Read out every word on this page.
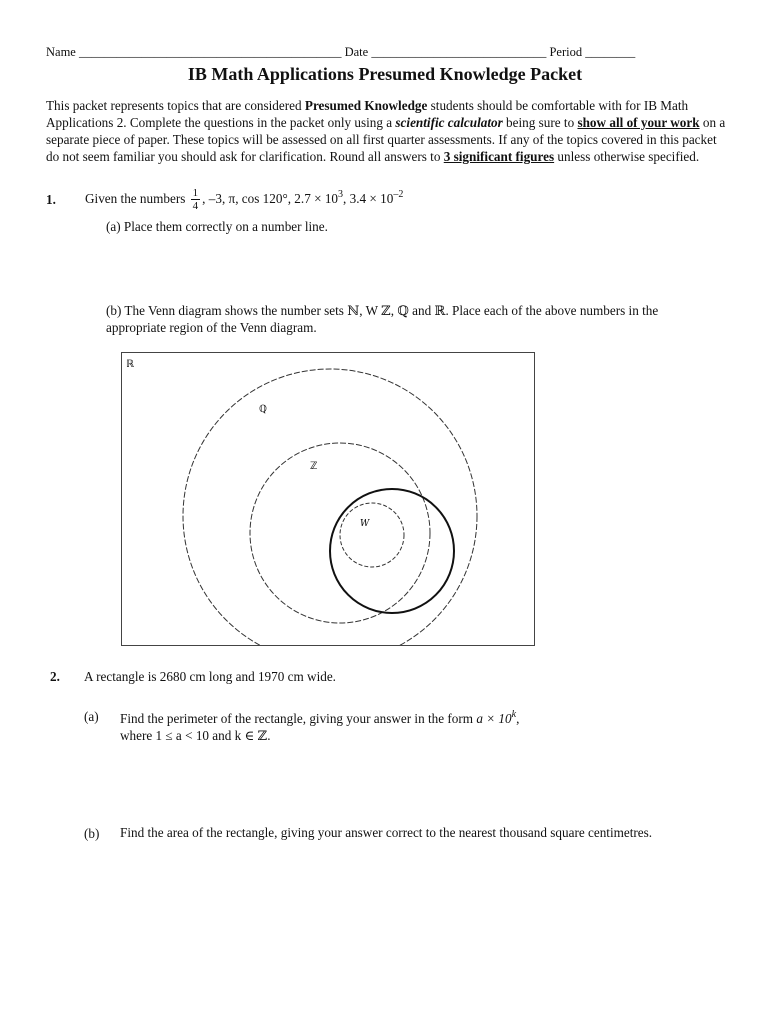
Name __________________________________________ Date ____________________________ Period ________
IB Math Applications Presumed Knowledge Packet
This packet represents topics that are considered Presumed Knowledge students should be comfortable with for IB Math Applications 2. Complete the questions in the packet only using a scientific calculator being sure to show all of your work on a separate piece of paper. These topics will be assessed on all first quarter assessments. If any of the topics covered in this packet do not seem familiar you should ask for clarification. Round all answers to 3 significant figures unless otherwise specified.
1. Given the numbers $\frac{1}{4}$ , –3, π, cos 120°, $2.7 \times 10^3$, $3.4 \times 10^{-2}$
(a) Place them correctly on a number line.
(b) The Venn diagram shows the number sets ℕ, W ℤ, ℚ and ℝ. Place each of the above numbers in the appropriate region of the Venn diagram.
ℝ
ℚ
ℤ
W
2. A rectangle is 2680 cm long and 1970 cm wide.
(a) Find the perimeter of the rectangle, giving your answer in the form $a \times 10^k$,
where 1 ≤ a < 10 and k ∈ ℤ.
(b) Find the area of the rectangle, giving your answer correct to the nearest thousand square centimetres.
